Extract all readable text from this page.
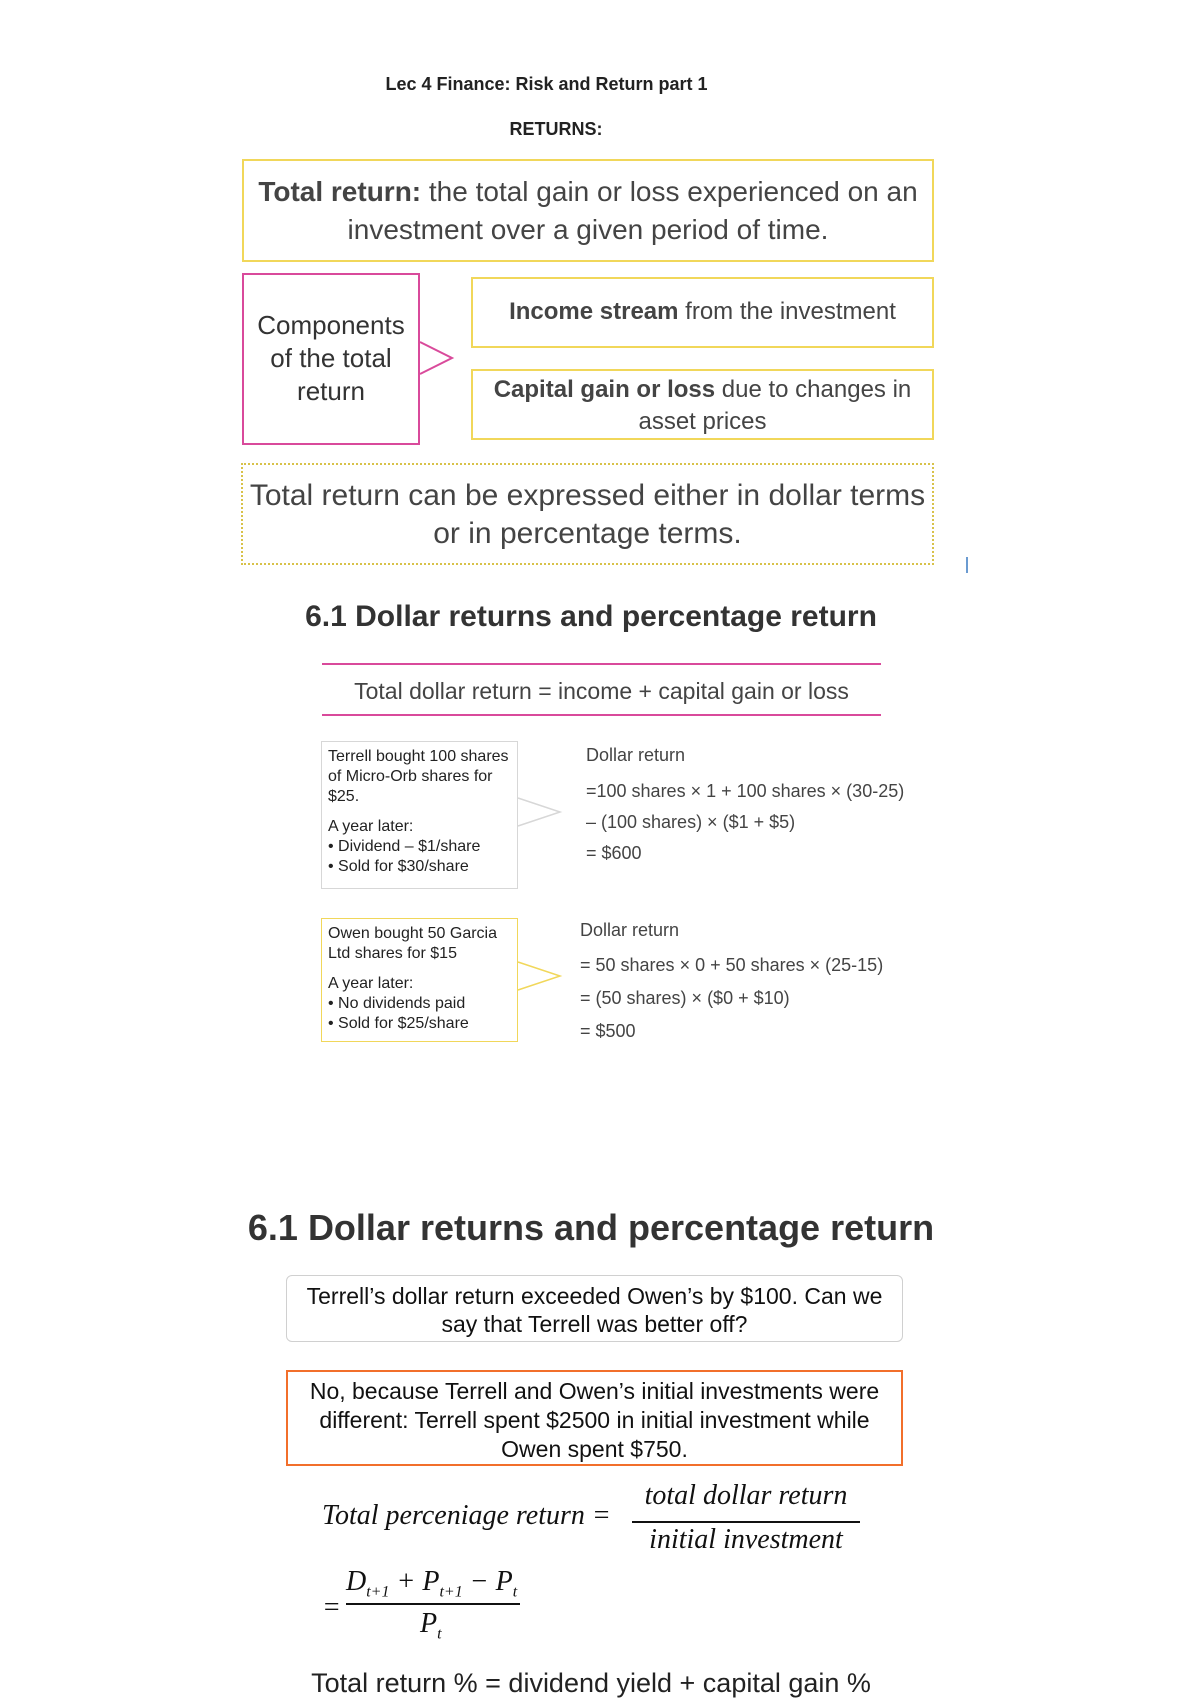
Lec 4 Finance: Risk and Return part 1
RETURNS:
Total return: the total gain or loss experienced on an investment over a given period of time.
Components of the total return
Income stream from the investment
Capital gain or loss due to changes in asset prices
Total return can be expressed either in dollar terms or in percentage terms.
6.1 Dollar returns and percentage return
Total dollar return = income + capital gain or loss

Terrell bought 100 shares of Micro-Orb shares for $25.

A year later:
• Dividend – $1/share
• Sold for $30/share
Dollar return
=100 shares × 1 + 100 shares × (30-25)
– (100 shares) × ($1 + $5)
= $600

Owen bought 50 Garcia Ltd shares for $15

A year later:
• No dividends paid
• Sold for $25/share
Dollar return
= 50 shares × 0 + 50 shares × (25-15)
= (50 shares) × ($0 + $10)
= $500
6.1 Dollar returns and percentage return
Terrell’s dollar return exceeded Owen’s by $100. Can we say that Terrell was better off?
No, because Terrell and Owen’s initial investments were different: Terrell spent $2500 in initial investment while Owen spent $750.
Total perceniage return =
total dollar return
initial investment
=
$D_{t+1} + P_{t+1} - P_t$
$P_t$
Total return % = dividend yield + capital gain %
